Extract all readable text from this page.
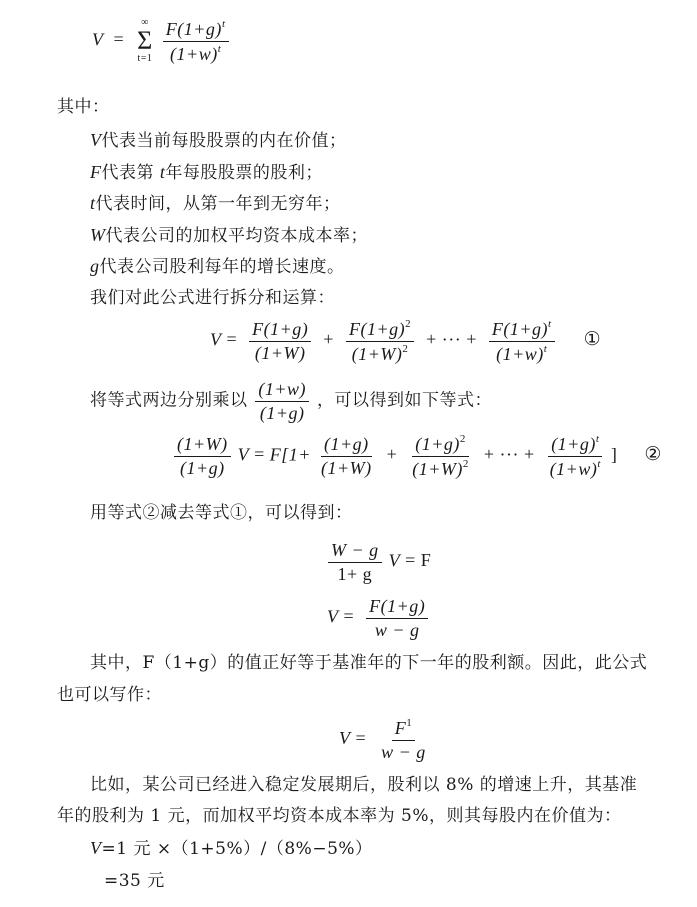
V =
∞
Σ
t=1
$\frac{F(1+g)^t}{(1+w)^t}$
其中：
V代表当前每股股票的内在价值；
F代表第 t年每股股票的股利；
t代表时间，从第一年到无穷年；
W代表公司的加权平均资本成本率；
g代表公司股利每年的增长速度。
我们对此公式进行拆分和运算：
$V = \frac{F(1+g)}{(1+W)} + \frac{F(1+g)^2}{(1+W)^2}$ + ··· + $\frac{F(1+g)^t}{(1+w)^t}$ ①
将等式两边分别乘以 $\frac{(1+w)}{(1+g)}$ ，可以得到如下等式：
$\frac{(1+W)}{(1+g)}$ $V = F[1+ \frac{(1+g)}{(1+W)} + \frac{(1+g)^2}{(1+W)^2}$ + ··· + $\frac{(1+g)^t}{(1+w)^t}$ ] ②
用等式②减去等式①，可以得到：
$\frac{W - g}{1+ g}$ V = F
$V = \frac{F(1+g)}{w - g}$
其中，F（1+g）的值正好等于基准年的下一年的股利额。因此，此公式
也可以写作：
$V = \frac{F^1}{w - g}$
比如，某公司已经进入稳定发展期后，股利以 8% 的增速上升，其基准
年的股利为 1 元，而加权平均资本成本率为 5%，则其每股内在价值为：
V=1 元 ×（1+5%）/（8%−5%）
=35 元
